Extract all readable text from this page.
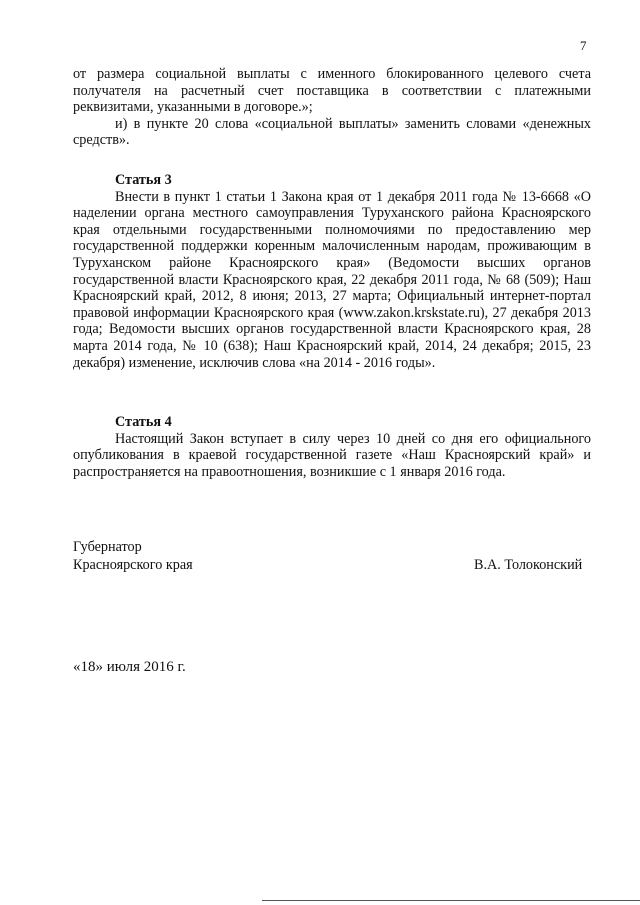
7

от размера социальной выплаты с именного блокированного целевого счета получателя на расчетный счет поставщика в соответствии с платежными реквизитами, указанными в договоре.»;

и) в пункте 20 слова «социальной выплаты» заменить словами «денежных средств».

Статья 3

Внести в пункт 1 статьи 1 Закона края от 1 декабря 2011 года № 13-6668 «О наделении органа местного самоуправления Туруханского района Красноярского края отдельными государственными полномочиями по предоставлению мер государственной поддержки коренным малочисленным народам, проживающим в Туруханском районе Красноярского края» (Ведомости высших органов государственной власти Красноярского края, 22 декабря 2011 года, № 68 (509); Наш Красноярский край, 2012, 8 июня; 2013, 27 марта; Официальный интернет-портал правовой информации Красноярского края (www.zakon.krskstate.ru), 27 декабря 2013 года; Ведомости высших органов государственной власти Красноярского края, 28 марта 2014 года, № 10 (638); Наш Красноярский край, 2014, 24 декабря; 2015, 23 декабря) изменение, исключив слова «на 2014 - 2016 годы».

Статья 4

Настоящий Закон вступает в силу через 10 дней со дня его официального опубликования в краевой государственной газете «Наш Красноярский край» и распространяется на правоотношения, возникшие с 1 января 2016 года.

Губернатор
Красноярского края	В.А. Толоконский
«18» июля 2016 г.
